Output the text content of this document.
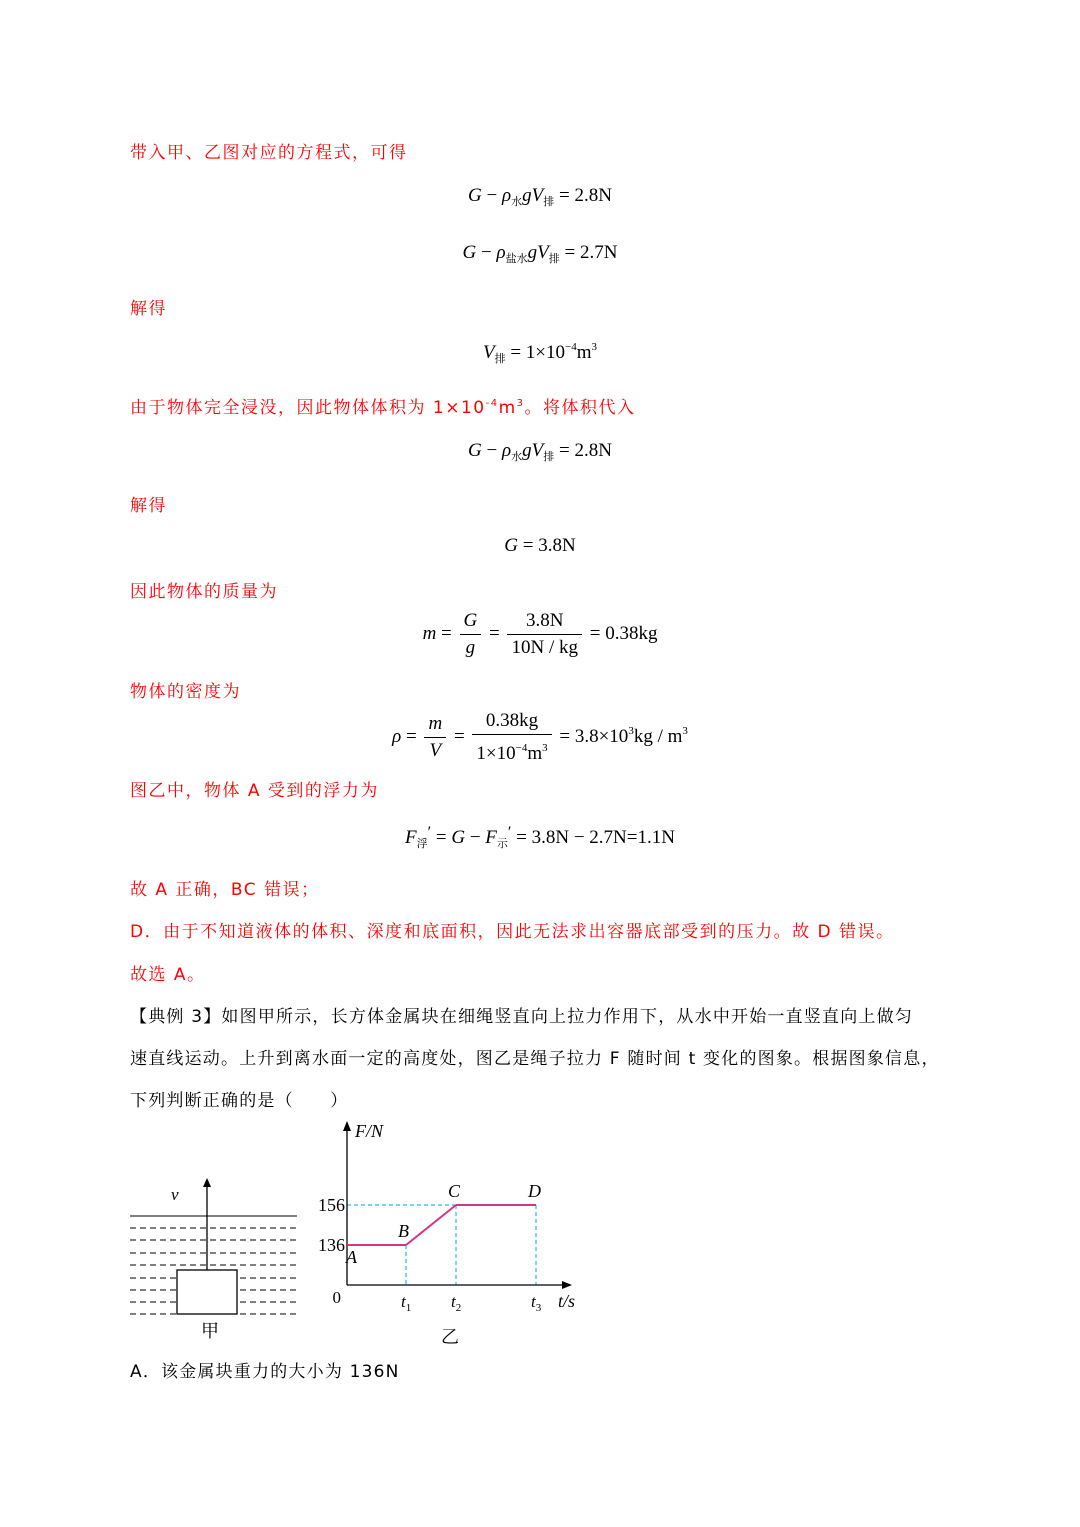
带入甲、乙图对应的方程式，可得
$G - \rho_水gV_排 = 2.8N$
$G - \rho_{盐水}gV_排 = 2.7N$
解得
$V_排 = 1\times 10^{-4}m^3$
由于物体完全浸没，因此物体体积为 $1\times 10^{-4}m^3$。将体积代入
$G - \rho_水gV_排 = 2.8N$
解得
G = 3.8N
因此物体的质量为
$m = \frac{G}{g} = \frac{3.8N}{10N / kg} = 0.38kg$
物体的密度为
$\rho = \frac{m}{V} = \frac{0.38kg}{1\times 10^{-4}m^3} = 3.8\times 10^3kg / m^3$
图乙中，物体 A 受到的浮力为
$F_浮' = G - F_示' = 3.8N - 2.7N=1.1N$
故 A 正确，BC 错误；
D．由于不知道液体的体积、深度和底面积，因此无法求出容器底部受到的压力。故 D 错误。
故选 A。
【典例 3】如图甲所示，长方体金属块在细绳竖直向上拉力作用下，从水中开始一直竖直向上做匀
速直线运动。上升到离水面一定的高度处，图乙是绳子拉力 F 随时间 t 变化的图象。根据图象信息，
下列判断正确的是（　　）
v
甲
F/N
t/s
0
136
156
$t_1$ $t_2$	$t_3$
A
B
C	D
乙
A．该金属块重力的大小为 136N
